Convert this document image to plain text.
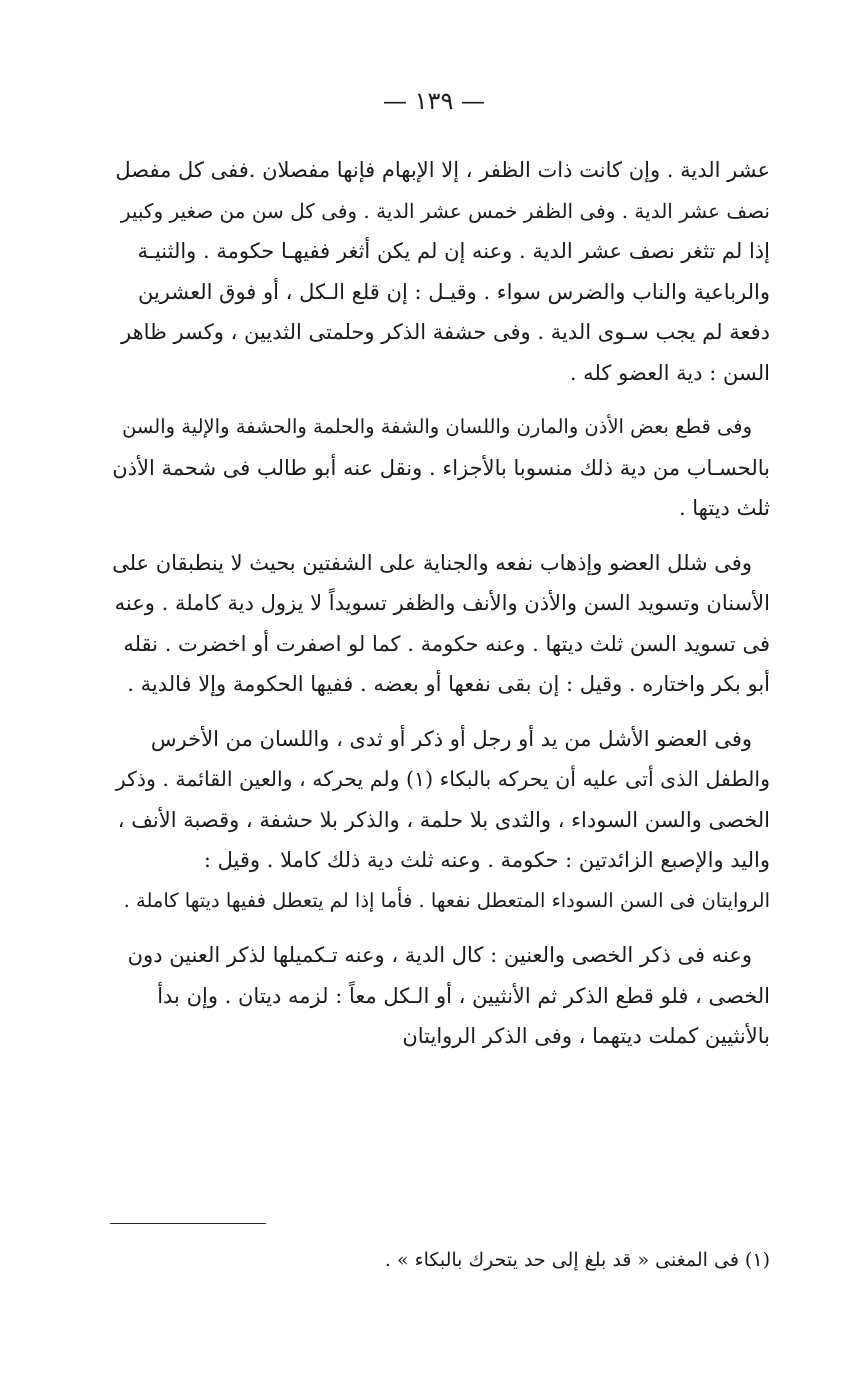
— ١٣٩ —

عشر الدية . وإن كانت ذات الظفر ، إلا الإبهام فإنها مفصلان .ففى كل مفصل
نصف عشر الدية . وفى الظفر خمس عشر الدية . وفى كل سن من صغير وكبير
إذا لم تثغر نصف عشر الدية . وعنه إن لم يكن أثغر ففيهـا حكومة . والثنيـة
والرباعية والناب والضرس سواء . وقيـل : إن قلع الـكل ، أو فوق العشرين
دفعة لم يجب سـوى الدية . وفى حشفة الذكر وحلمتى الثديين ، وكسر ظاهر
السن : دية العضو كله .

وفى قطع بعض الأذن والمارن واللسان والشفة والحلمة والحشفة والإلية والسن
بالحسـاب من دية ذلك منسوبا بالأجزاء . ونقل عنه أبو طالب فى شحمة الأذن
ثلث ديتها .

وفى شلل العضو وإذهاب نفعه والجناية على الشفتين بحيث لا ينطبقان على
الأسنان وتسويد السن والأذن والأنف والظفر تسويداً لا يزول دية كاملة . وعنه
فى تسويد السن ثلث ديتها . وعنه حكومة . كما لو اصفرت أو اخضرت . نقله
أبو بكر واختاره . وقيل : إن بقى نفعها أو بعضه . ففيها الحكومة وإلا فالدية .

وفى العضو الأشل من يد أو رجل أو ذكر أو ثدى ، واللسان من الأخرس
والطفل الذى أتى عليه أن يحركه بالبكاء (١) ولم يحركه ، والعين القائمة . وذكر
الخصى والسن السوداء ، والثدى بلا حلمة ، والذكر بلا حشفة ، وقصبة الأنف ،
واليد والإصبع الزائدتين : حكومة . وعنه ثلث دية ذلك كاملا . وقيل :
الروايتان فى السن السوداء المتعطل نفعها . فأما إذا لم يتعطل ففيها ديتها كاملة .

وعنه فى ذكر الخصى والعنين : كال الدية ، وعنه تـكميلها لذكر العنين دون
الخصى ، فلو قطع الذكر ثم الأنثيين ، أو الـكل معاً : لزمه ديتان . وإن بدأ
بالأنثيين كملت ديتهما ، وفى الذكر الروايتان

(١) فى المغنى « قد بلغ إلى حد يتحرك بالبكاء » .
